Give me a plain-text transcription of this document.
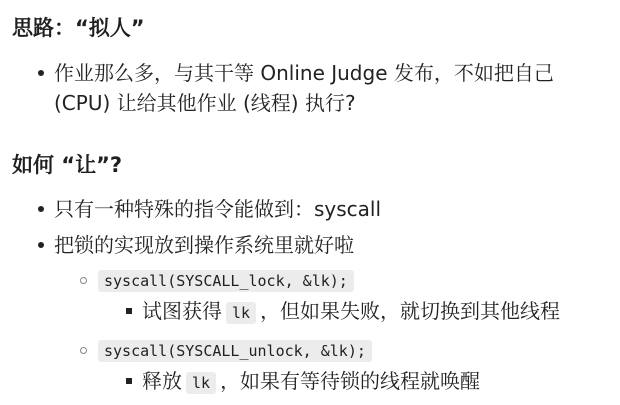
思路：“拟人”
作业那么多，与其干等 Online Judge 发布，不如把自己
(CPU) 让给其他作业 (线程) 执行?
如何 “让”?
只有一种特殊的指令能做到：syscall
把锁的实现放到操作系统里就好啦
syscall(SYSCALL_lock, &lk);
试图获得 lk ，但如果失败，就切换到其他线程
syscall(SYSCALL_unlock, &lk);
释放 lk ，如果有等待锁的线程就唤醒
